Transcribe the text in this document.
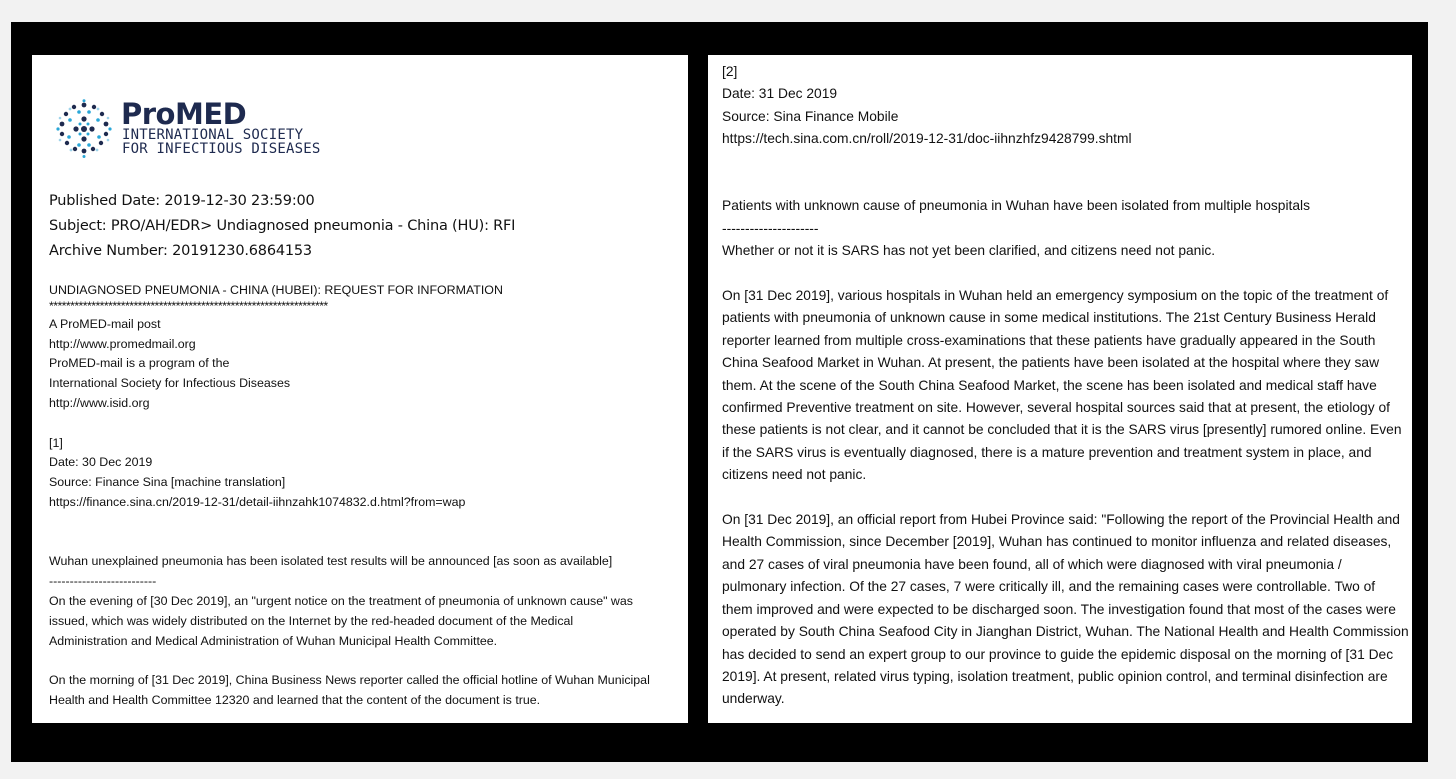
ProMED
INTERNATIONAL SOCIETY
FOR INFECTIOUS DISEASES
Published Date: 2019-12-30 23:59:00
Subject: PRO/AH/EDR> Undiagnosed pneumonia - China (HU): RFI
Archive Number: 20191230.6864153
UNDIAGNOSED PNEUMONIA - CHINA (HUBEI): REQUEST FOR INFORMATION
******************************************************************
A ProMED-mail post
http://www.promedmail.org
ProMED-mail is a program of the
International Society for Infectious Diseases
http://www.isid.org
[1]
Date: 30 Dec 2019
Source: Finance Sina [machine translation]
https://finance.sina.cn/2019-12-31/detail-iihnzahk1074832.d.html?from=wap
Wuhan unexplained pneumonia has been isolated test results will be announced [as soon as available]
--------------------------
On the evening of [30 Dec 2019], an "urgent notice on the treatment of pneumonia of unknown cause" was
issued, which was widely distributed on the Internet by the red-headed document of the Medical
Administration and Medical Administration of Wuhan Municipal Health Committee.
On the morning of [31 Dec 2019], China Business News reporter called the official hotline of Wuhan Municipal
Health and Health Committee 12320 and learned that the content of the document is true.
[2]
Date: 31 Dec 2019
Source: Sina Finance Mobile
https://tech.sina.com.cn/roll/2019-12-31/doc-iihnzhfz9428799.shtml
Patients with unknown cause of pneumonia in Wuhan have been isolated from multiple hospitals
---------------------
Whether or not it is SARS has not yet been clarified, and citizens need not panic.
On [31 Dec 2019], various hospitals in Wuhan held an emergency symposium on the topic of the treatment of
patients with pneumonia of unknown cause in some medical institutions. The 21st Century Business Herald
reporter learned from multiple cross-examinations that these patients have gradually appeared in the South
China Seafood Market in Wuhan. At present, the patients have been isolated at the hospital where they saw
them. At the scene of the South China Seafood Market, the scene has been isolated and medical staff have
confirmed Preventive treatment on site. However, several hospital sources said that at present, the etiology of
these patients is not clear, and it cannot be concluded that it is the SARS virus [presently] rumored online. Even
if the SARS virus is eventually diagnosed, there is a mature prevention and treatment system in place, and
citizens need not panic.
On [31 Dec 2019], an official report from Hubei Province said: "Following the report of the Provincial Health and
Health Commission, since December [2019], Wuhan has continued to monitor influenza and related diseases,
and 27 cases of viral pneumonia have been found, all of which were diagnosed with viral pneumonia /
pulmonary infection. Of the 27 cases, 7 were critically ill, and the remaining cases were controllable. Two of
them improved and were expected to be discharged soon. The investigation found that most of the cases were
operated by South China Seafood City in Jianghan District, Wuhan. The National Health and Health Commission
has decided to send an expert group to our province to guide the epidemic disposal on the morning of [31 Dec
2019]. At present, related virus typing, isolation treatment, public opinion control, and terminal disinfection are
underway.
